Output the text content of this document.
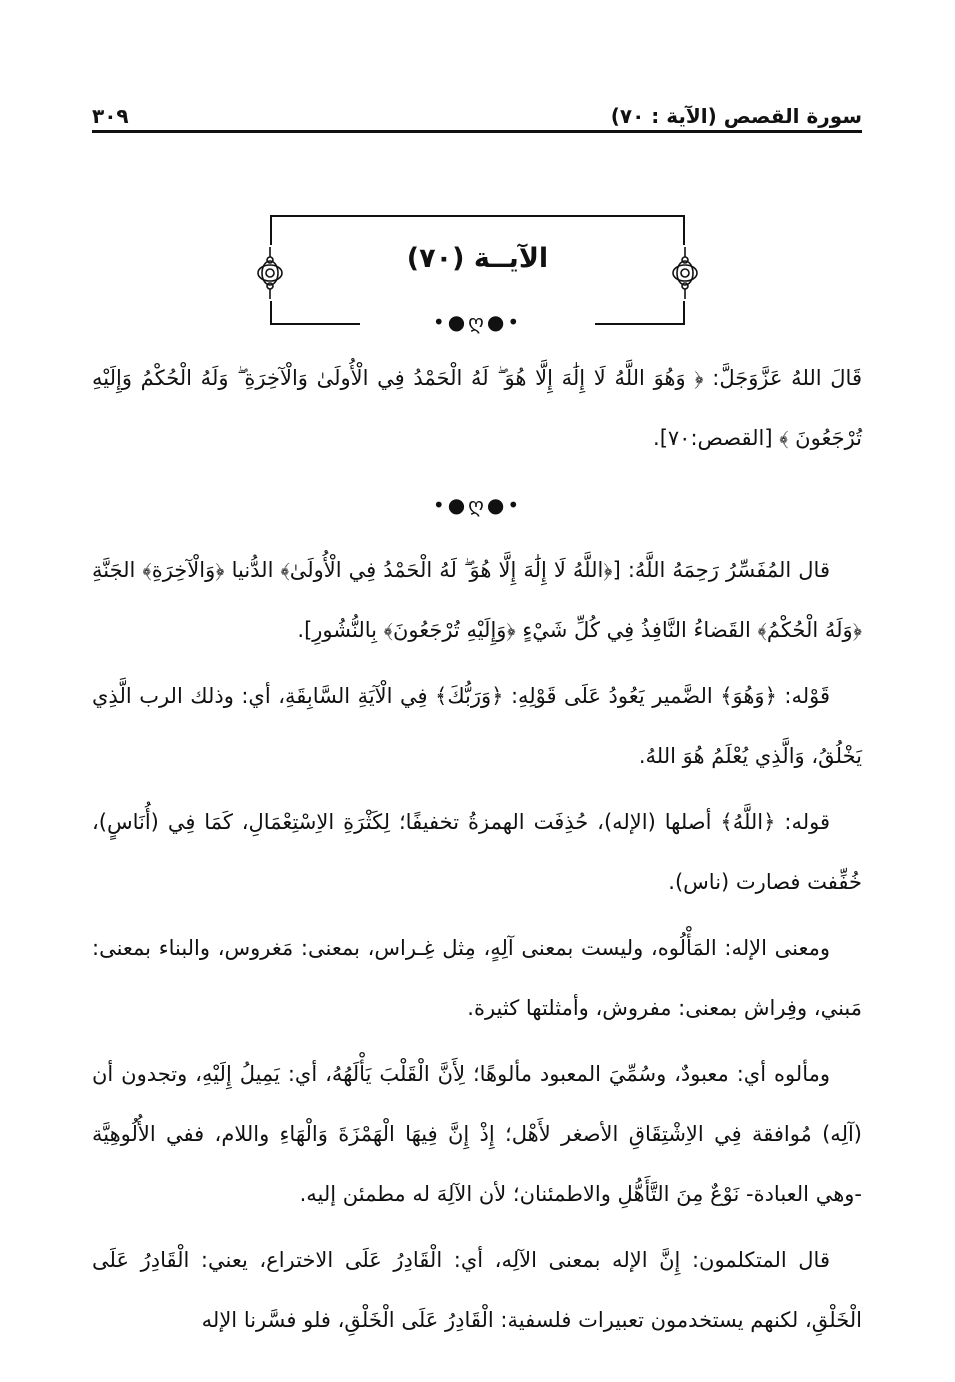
سورة القصص (الآية : ٧٠)
٣٠٩
الآيــة (٧٠)
•●ღ●•

قَالَ اللهُ عَزَّوَجَلَّ: ﴿ وَهُوَ اللَّهُ لَا إِلَٰهَ إِلَّا هُوَ ۖ لَهُ الْحَمْدُ فِي الْأُولَىٰ وَالْآخِرَةِ ۖ وَلَهُ الْحُكْمُ وَإِلَيْهِ تُرْجَعُونَ ﴾ [القصص:٧٠].

•●ღ●•

قال المُفَسِّرُ رَحِمَهُ اللَّهُ: [﴿اللَّهُ لَا إِلَٰهَ إِلَّا هُوَ ۖ لَهُ الْحَمْدُ فِي الْأُولَىٰ﴾ الدُّنيا ﴿وَالْآخِرَةِ﴾ الجَنَّةِ ﴿وَلَهُ الْحُكْمُ﴾ القَضاءُ النَّافِذُ فِي كُلِّ شَيْءٍ ﴿وَإِلَيْهِ تُرْجَعُونَ﴾ بِالنُّشُورِ].

قَوْله: ﴿وَهُوَ﴾ الضَّمير يَعُودُ عَلَى قَوْلِهِ: ﴿وَرَبُّكَ﴾ فِي الْآيَةِ السَّابِقَةِ، أي: وذلك الرب الَّذِي يَخْلُقُ، وَالَّذِي يُعْلَمُ هُوَ اللهُ.

قوله: ﴿اللَّهُ﴾ أصلها (الإله)، حُذِفَت الهمزةُ تخفيفًا؛ لِكَثْرَةِ الاِسْتِعْمَالِ، كَمَا فِي (أُنَاسٍ)، خُفِّفت فصارت (ناس).

ومعنى الإله: المَأْلُوه، وليست بمعنى آلِهٍ، مِثل غِـراس، بمعنى: مَغروس، والبناء بمعنى: مَبني، وفِراش بمعنى: مفروش، وأمثلتها كثيرة.

ومألوه أي: معبودٌ، وسُمِّيَ المعبود مألوهًا؛ لِأَنَّ الْقَلْبَ يَأْلَهُهُ، أي: يَمِيلُ إِلَيْهِ، وتجدون أن (آلِه) مُوافقة فِي الاِشْتِقَاقِ الأصغر لأَهْل؛ إِذْ إِنَّ فِيهَا الْهَمْزَةَ وَالْهَاءِ واللام، ففي الأُلُوهِيَّة -وهي العبادة- نَوْعٌ مِنَ التَّأَهُّلِ والاطمئنان؛ لأن الآلِهَ له مطمئن إليه.

قال المتكلمون: إِنَّ الإله بمعنى الآلِه، أي: الْقَادِرُ عَلَى الاختراع، يعني: الْقَادِرُ عَلَى الْخَلْقِ، لكنهم يستخدمون تعبيرات فلسفية: الْقَادِرُ عَلَى الْخَلْقِ، فلو فسَّرنا الإله
